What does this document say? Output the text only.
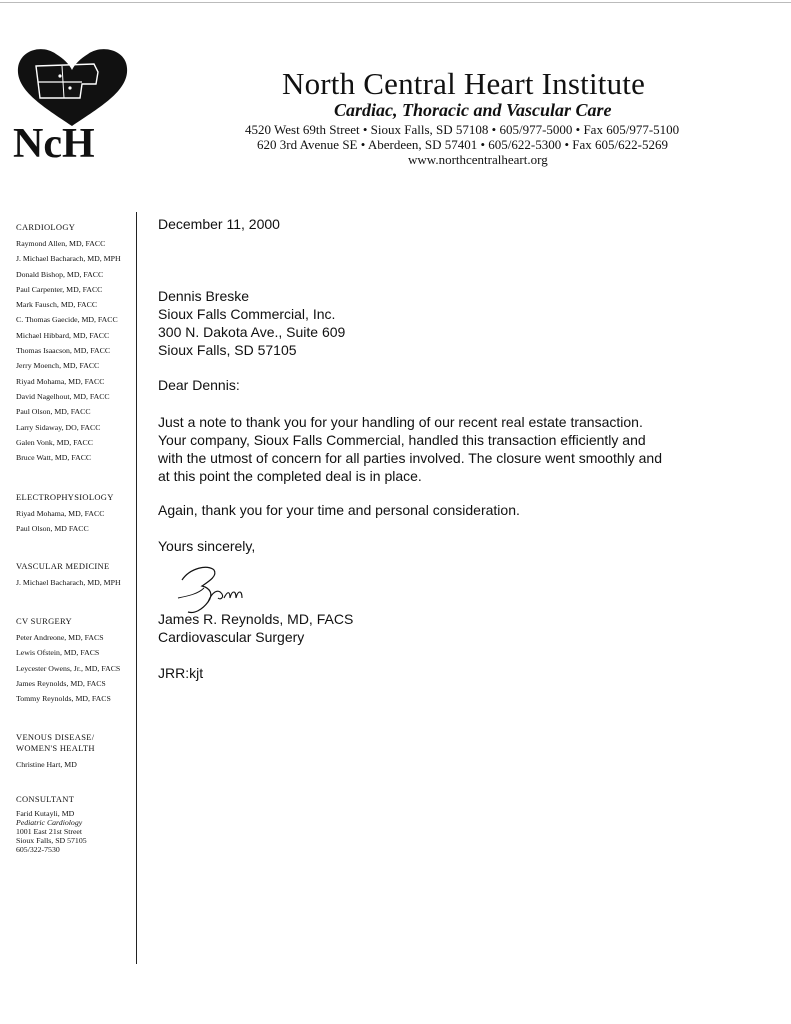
NcH
North Central Heart Institute
Cardiac, Thoracic and Vascular Care
4520 West 69th Street • Sioux Falls, SD 57108 • 605/977-5000 • Fax 605/977-5100
620 3rd Avenue SE • Aberdeen, SD 57401 • 605/622-5300 • Fax 605/622-5269
www.northcentralheart.org
CARDIOLOGY
Raymond Allen, MD, FACC
J. Michael Bacharach, MD, MPH
Donald Bishop, MD, FACC
Paul Carpenter, MD, FACC
Mark Fausch, MD, FACC
C. Thomas Gaecide, MD, FACC
Michael Hibbard, MD, FACC
Thomas Isaacson, MD, FACC
Jerry Moench, MD, FACC
Riyad Mohama, MD, FACC
David Nagelhout, MD, FACC
Paul Olson, MD, FACC
Larry Sidaway, DO, FACC
Galen Vonk, MD, FACC
Bruce Watt, MD, FACC
ELECTROPHYSIOLOGY
Riyad Mohama, MD, FACC
Paul Olson, MD FACC
VASCULAR MEDICINE
J. Michael Bacharach, MD, MPH
CV SURGERY
Peter Andreone, MD, FACS
Lewis Ofstein, MD, FACS
Leycester Owens, Jr., MD, FACS
James Reynolds, MD, FACS
Tommy Reynolds, MD, FACS
VENOUS DISEASE/
WOMEN'S HEALTH
Christine Hart, MD
CONSULTANT
Farid Kutayli, MD
Pediatric Cardiology
1001 East 21st Street
Sioux Falls, SD 57105
605/322-7530
December 11, 2000
Dennis Breske
Sioux Falls Commercial, Inc.
300 N. Dakota Ave., Suite 609
Sioux Falls, SD 57105
Dear Dennis:
Just a note to thank you for your handling of our recent real estate transaction.
Your company, Sioux Falls Commercial, handled this transaction efficiently and
with the utmost of concern for all parties involved. The closure went smoothly and
at this point the completed deal is in place.
Again, thank you for your time and personal consideration.
Yours sincerely,
James R. Reynolds, MD, FACS
Cardiovascular Surgery
JRR:kjt
